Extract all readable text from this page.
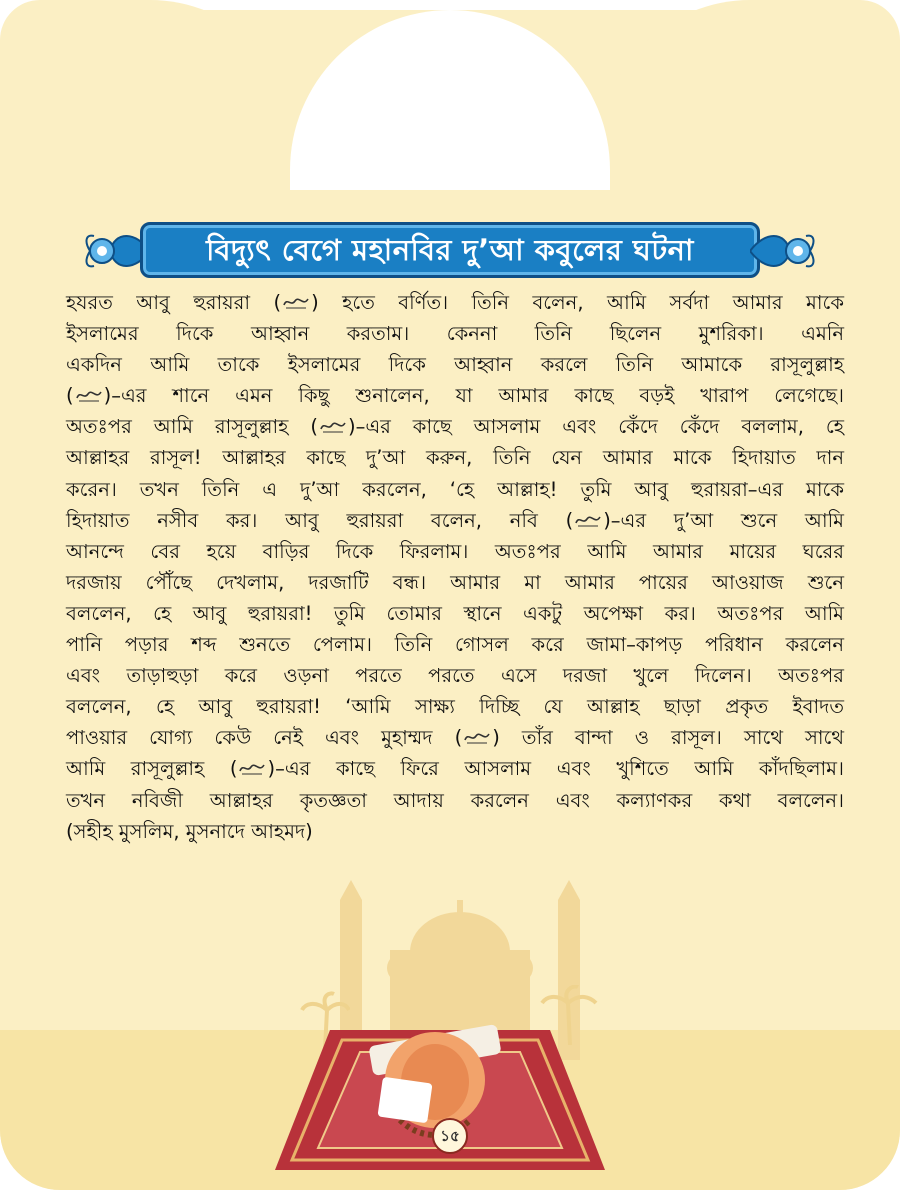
বিদ্যুৎ বেগে মহানবির দু’আ কবুলের ঘটনা
হযরত আবু হুরায়রা ( ) হতে বর্ণিত। তিনি বলেন, আমি সর্বদা আমার মাকে
ইসলামের দিকে আহ্বান করতাম। কেননা তিনি ছিলেন মুশরিকা। এমনি
একদিন আমি তাকে ইসলামের দিকে আহ্বান করলে তিনি আমাকে রাসূলুল্লাহ
( )–এর শানে এমন কিছু শুনালেন, যা আমার কাছে বড়ই খারাপ লেগেছে।
অতঃপর আমি রাসূলুল্লাহ ( )–এর কাছে আসলাম এবং কেঁদে কেঁদে বললাম, হে
আল্লাহর রাসূল! আল্লাহর কাছে দু’আ করুন, তিনি যেন আমার মাকে হিদায়াত দান
করেন। তখন তিনি এ দু’আ করলেন, ‘হে আল্লাহ! তুমি আবু হুরায়রা–এর মাকে
হিদায়াত নসীব কর। আবু হুরায়রা বলেন, নবি ( )–এর দু’আ শুনে আমি
আনন্দে বের হয়ে বাড়ির দিকে ফিরলাম। অতঃপর আমি আমার মায়ের ঘরের
দরজায় পৌঁছে দেখলাম, দরজাটি বন্ধ। আমার মা আমার পায়ের আওয়াজ শুনে
বললেন, হে আবু হুরায়রা! তুমি তোমার স্থানে একটু অপেক্ষা কর। অতঃপর আমি
পানি পড়ার শব্দ শুনতে পেলাম। তিনি গোসল করে জামা–কাপড় পরিধান করলেন
এবং তাড়াহুড়া করে ওড়না পরতে পরতে এসে দরজা খুলে দিলেন। অতঃপর
বললেন, হে আবু হুরায়রা! ‘আমি সাক্ষ্য দিচ্ছি যে আল্লাহ ছাড়া প্রকৃত ইবাদত
পাওয়ার যোগ্য কেউ নেই এবং মুহাম্মদ ( ) তাঁর বান্দা ও রাসূল। সাথে সাথে
আমি রাসূলুল্লাহ ( )–এর কাছে ফিরে আসলাম এবং খুশিতে আমি কাঁদছিলাম।
তখন নবিজী আল্লাহর কৃতজ্ঞতা আদায় করলেন এবং কল্যাণকর কথা বললেন।
(সহীহ মুসলিম, মুসনাদে আহমদ)
১৫
